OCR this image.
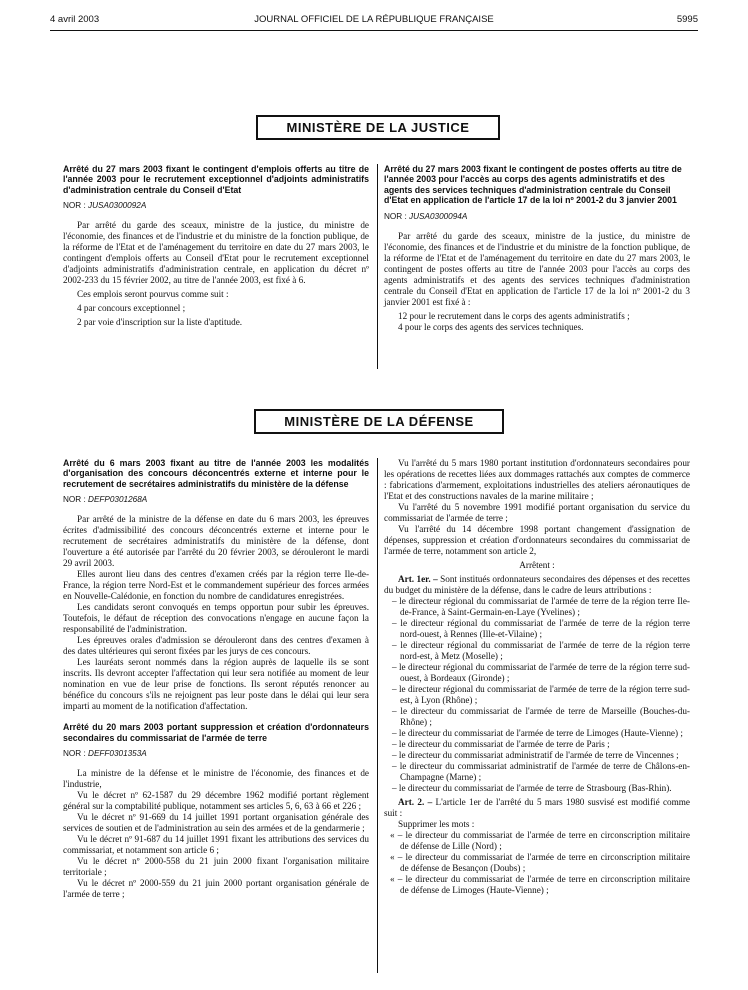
4 avril 2003	JOURNAL OFFICIEL DE LA RÉPUBLIQUE FRANÇAISE	5995
MINISTÈRE DE LA JUSTICE

Arrêté du 27 mars 2003 fixant le contingent d'emplois offerts au titre de l'année 2003 pour le recrutement exceptionnel d'adjoints administratifs d'administration centrale du Conseil d'Etat

NOR : JUSA0300092A

Par arrêté du garde des sceaux, ministre de la justice, du ministre de l'économie, des finances et de l'industrie et du ministre de la fonction publique, de la réforme de l'Etat et de l'aménagement du territoire en date du 27 mars 2003, le contingent d'emplois offerts au Conseil d'Etat pour le recrutement exceptionnel d'adjoints administratifs d'administration centrale, en application du décret nº 2002-233 du 15 février 2002, au titre de l'année 2003, est fixé à 6.

Ces emplois seront pourvus comme suit :

4 par concours exceptionnel ;

2 par voie d'inscription sur la liste d'aptitude.

Arrêté du 27 mars 2003 fixant le contingent de postes offerts au titre de l'année 2003 pour l'accès au corps des agents administratifs et des agents des services techniques d'administration centrale du Conseil d'Etat en application de l'article 17 de la loi nº 2001-2 du 3 janvier 2001

NOR : JUSA0300094A

Par arrêté du garde des sceaux, ministre de la justice, du ministre de l'économie, des finances et de l'industrie et du ministre de la fonction publique, de la réforme de l'Etat et de l'aménagement du territoire en date du 27 mars 2003, le contingent de postes offerts au titre de l'année 2003 pour l'accès au corps des agents administratifs et des agents des services techniques d'administration centrale du Conseil d'Etat en application de l'article 17 de la loi nº 2001-2 du 3 janvier 2001 est fixé à :

12 pour le recrutement dans le corps des agents administratifs ;

4 pour le corps des agents des services techniques.

MINISTÈRE DE LA DÉFENSE

Arrêté du 6 mars 2003 fixant au titre de l'année 2003 les modalités d'organisation des concours déconcentrés externe et interne pour le recrutement de secrétaires administratifs du ministère de la défense

NOR : DEFP0301268A

Par arrêté de la ministre de la défense en date du 6 mars 2003, les épreuves écrites d'admissibilité des concours déconcentrés externe et interne pour le recrutement de secrétaires administratifs du ministère de la défense, dont l'ouverture a été autorisée par l'arrêté du 20 février 2003, se dérouleront le mardi 29 avril 2003.

Elles auront lieu dans des centres d'examen créés par la région terre Ile-de-France, la région terre Nord-Est et le commandement supérieur des forces armées en Nouvelle-Calédonie, en fonction du nombre de candidatures enregistrées.

Les candidats seront convoqués en temps opportun pour subir les épreuves. Toutefois, le défaut de réception des convocations n'engage en aucune façon la responsabilité de l'administration.

Les épreuves orales d'admission se dérouleront dans des centres d'examen à des dates ultérieures qui seront fixées par les jurys de ces concours.

Les lauréats seront nommés dans la région auprès de laquelle ils se sont inscrits. Ils devront accepter l'affectation qui leur sera notifiée au moment de leur nomination en vue de leur prise de fonctions. Ils seront réputés renoncer au bénéfice du concours s'ils ne rejoignent pas leur poste dans le délai qui leur sera imparti au moment de la notification d'affectation.

Arrêté du 20 mars 2003 portant suppression et création d'ordonnateurs secondaires du commissariat de l'armée de terre

NOR : DEFF0301353A

La ministre de la défense et le ministre de l'économie, des finances et de l'industrie,

Vu le décret nº 62-1587 du 29 décembre 1962 modifié portant règlement général sur la comptabilité publique, notamment ses articles 5, 6, 63 à 66 et 226 ;

Vu le décret nº 91-669 du 14 juillet 1991 portant organisation générale des services de soutien et de l'administration au sein des armées et de la gendarmerie ;

Vu le décret nº 91-687 du 14 juillet 1991 fixant les attributions des services du commissariat, et notamment son article 6 ;

Vu le décret nº 2000-558 du 21 juin 2000 fixant l'organisation militaire territoriale ;

Vu le décret nº 2000-559 du 21 juin 2000 portant organisation générale de l'armée de terre ;

Vu l'arrêté du 5 mars 1980 portant institution d'ordonnateurs secondaires pour les opérations de recettes liées aux dommages rattachés aux comptes de commerce : fabrications d'armement, exploitations industrielles des ateliers aéronautiques de l'Etat et des constructions navales de la marine militaire ;

Vu l'arrêté du 5 novembre 1991 modifié portant organisation du service du commissariat de l'armée de terre ;

Vu l'arrêté du 14 décembre 1998 portant changement d'assignation de dépenses, suppression et création d'ordonnateurs secondaires du commissariat de l'armée de terre, notamment son article 2,

Arrêtent :

Art. 1er. – Sont institués ordonnateurs secondaires des dépenses et des recettes du budget du ministère de la défense, dans le cadre de leurs attributions :

– le directeur régional du commissariat de l'armée de terre de la région terre Ile-de-France, à Saint-Germain-en-Laye (Yvelines) ;

– le directeur régional du commissariat de l'armée de terre de la région terre nord-ouest, à Rennes (Ille-et-Vilaine) ;

– le directeur régional du commissariat de l'armée de terre de la région terre nord-est, à Metz (Moselle) ;

– le directeur régional du commissariat de l'armée de terre de la région terre sud-ouest, à Bordeaux (Gironde) ;

– le directeur régional du commissariat de l'armée de terre de la région terre sud-est, à Lyon (Rhône) ;

– le directeur du commissariat de l'armée de terre de Marseille (Bouches-du-Rhône) ;

– le directeur du commissariat de l'armée de terre de Limoges (Haute-Vienne) ;

– le directeur du commissariat de l'armée de terre de Paris ;

– le directeur du commissariat administratif de l'armée de terre de Vincennes ;

– le directeur du commissariat administratif de l'armée de terre de Châlons-en-Champagne (Marne) ;

– le directeur du commissariat de l'armée de terre de Strasbourg (Bas-Rhin).

Art. 2. – L'article 1er de l'arrêté du 5 mars 1980 susvisé est modifié comme suit :

Supprimer les mots :

« – le directeur du commissariat de l'armée de terre en circonscription militaire de défense de Lille (Nord) ;

« – le directeur du commissariat de l'armée de terre en circonscription militaire de défense de Besançon (Doubs) ;

« – le directeur du commissariat de l'armée de terre en circonscription militaire de défense de Limoges (Haute-Vienne) ;
